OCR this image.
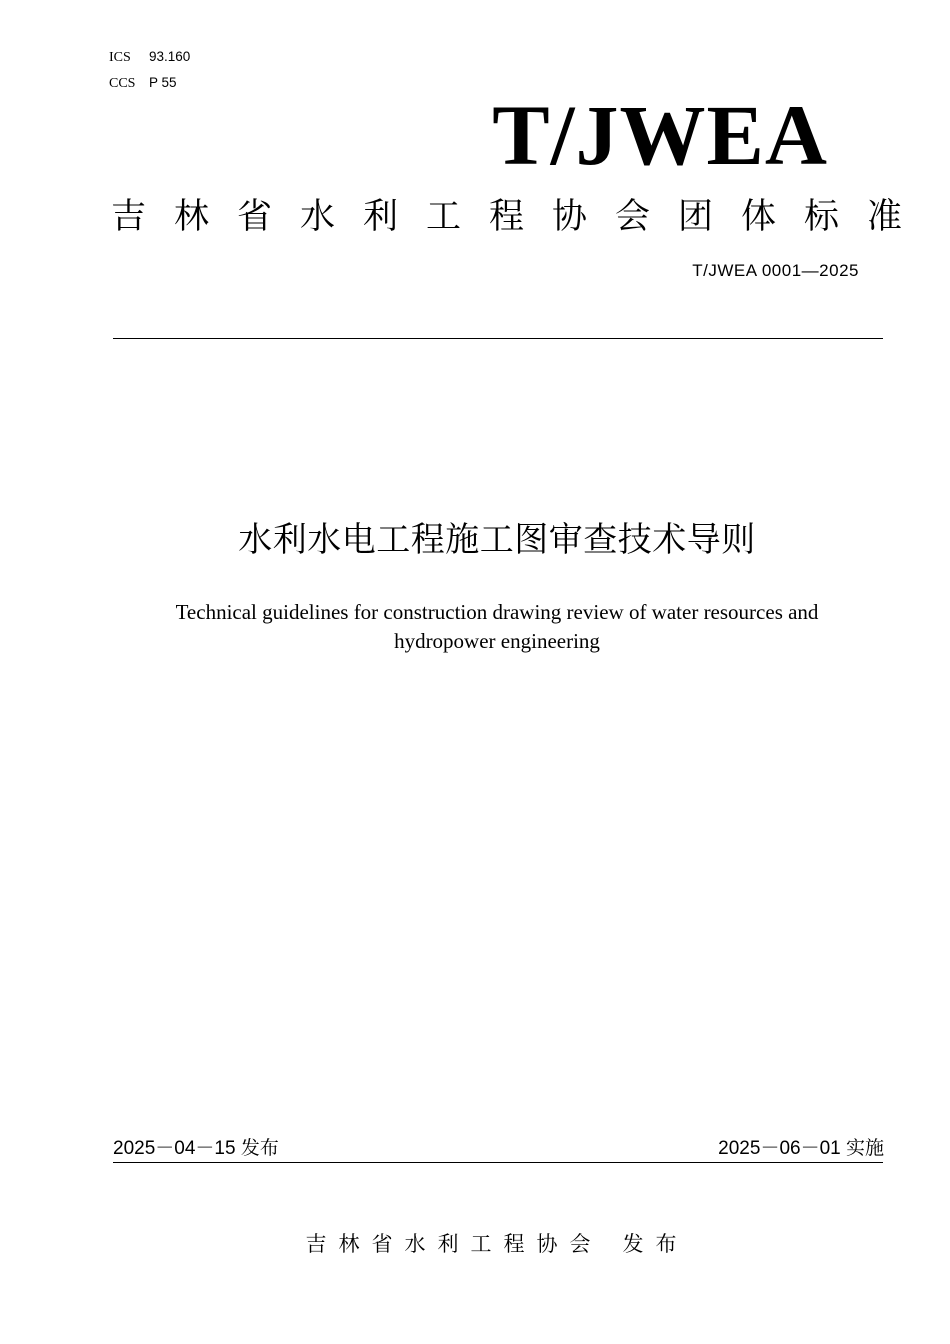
ICS 93.160
CCS P 55
T/JWEA
吉林省水利工程协会团体标准
T/JWEA 0001—2025
水利水电工程施工图审查技术导则
Technical guidelines for construction drawing review of water resources and
hydropower engineering
2025－04－15 发布	2025－06－01 实施
吉林省水利工程协会 发布
